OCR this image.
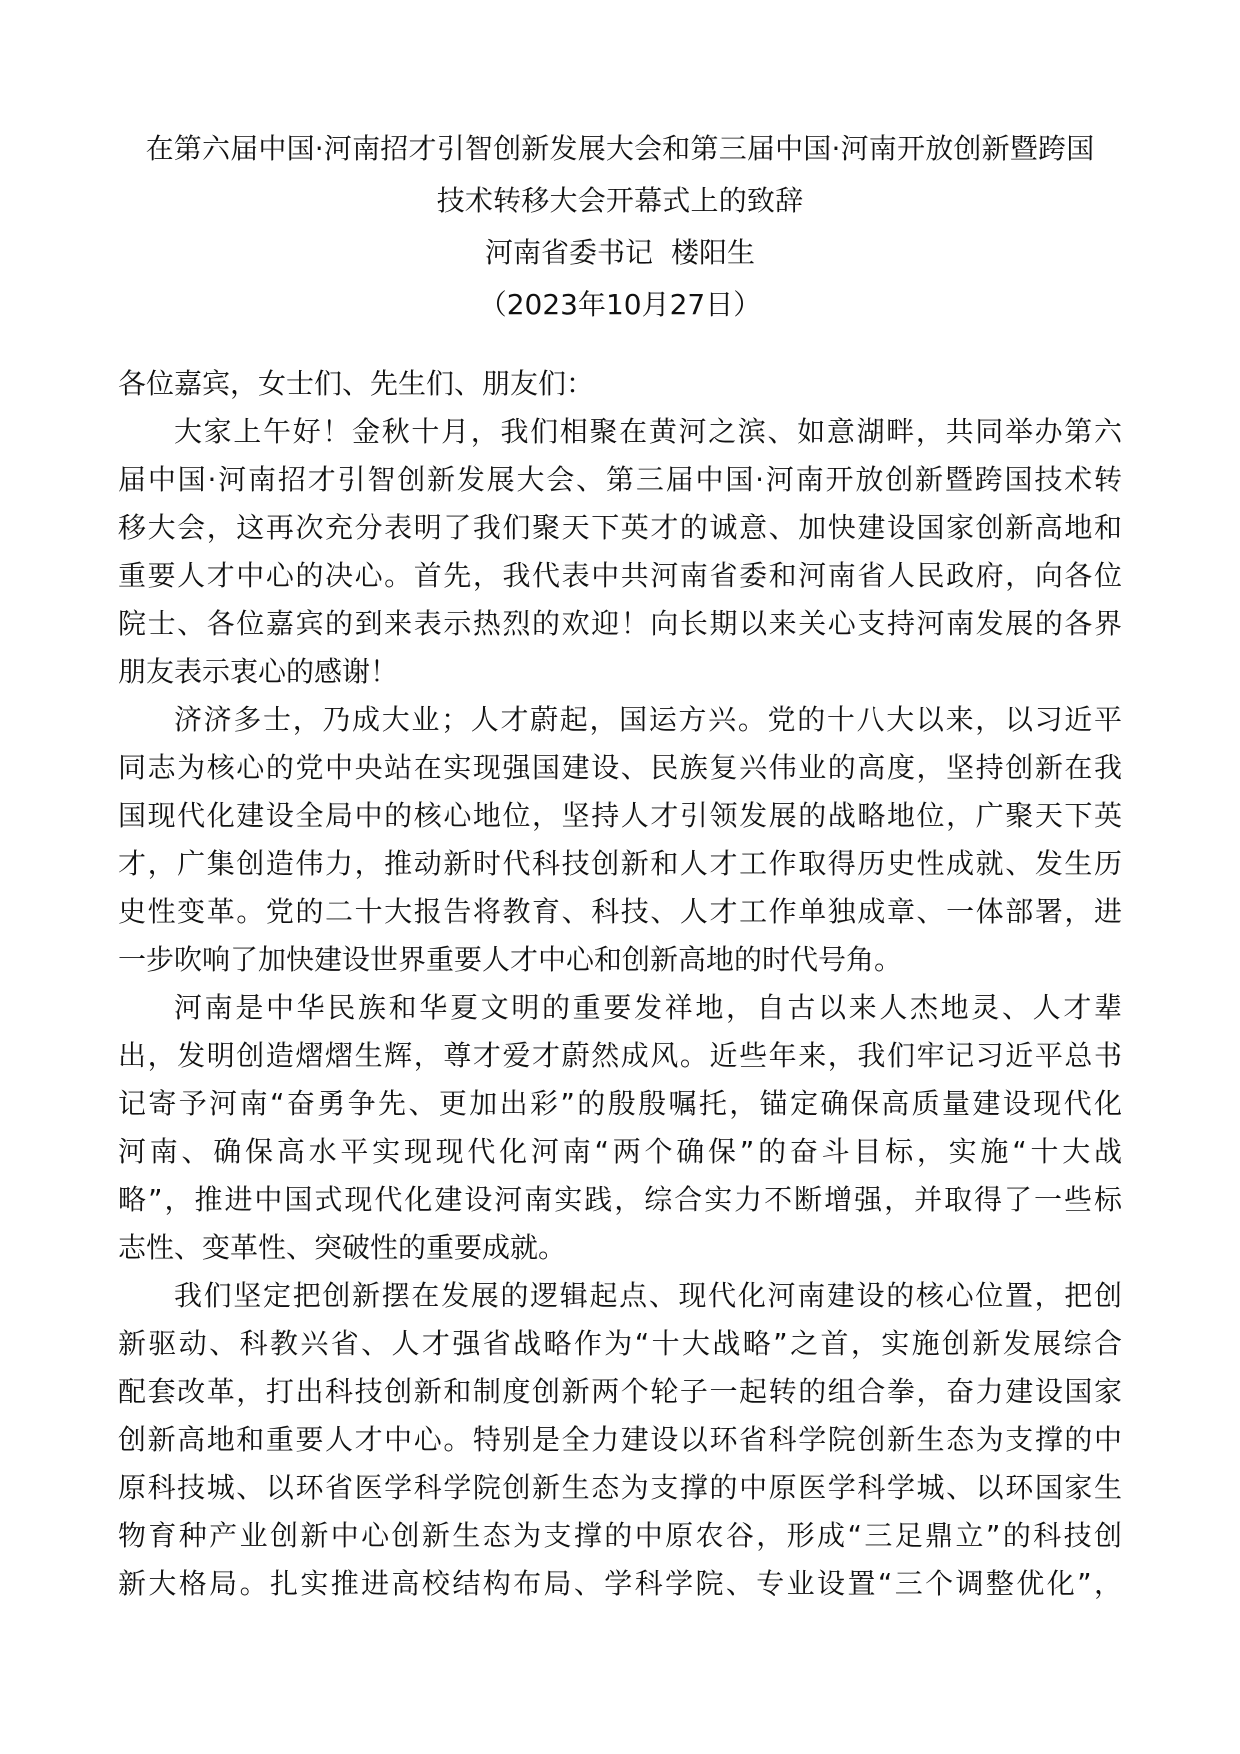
在第六届中国·河南招才引智创新发展大会和第三届中国·河南开放创新暨跨国
技术转移大会开幕式上的致辞
河南省委书记 楼阳生
（2023年10月27日）

各位嘉宾，女士们、先生们、朋友们：

大家上午好！金秋十月，我们相聚在黄河之滨、如意湖畔，共同举办第六
届中国·河南招才引智创新发展大会、第三届中国·河南开放创新暨跨国技术转
移大会，这再次充分表明了我们聚天下英才的诚意、加快建设国家创新高地和
重要人才中心的决心。首先，我代表中共河南省委和河南省人民政府，向各位
院士、各位嘉宾的到来表示热烈的欢迎！向长期以来关心支持河南发展的各界
朋友表示衷心的感谢！
济济多士，乃成大业；人才蔚起，国运方兴。党的十八大以来，以习近平
同志为核心的党中央站在实现强国建设、民族复兴伟业的高度，坚持创新在我
国现代化建设全局中的核心地位，坚持人才引领发展的战略地位，广聚天下英
才，广集创造伟力，推动新时代科技创新和人才工作取得历史性成就、发生历
史性变革。党的二十大报告将教育、科技、人才工作单独成章、一体部署，进
一步吹响了加快建设世界重要人才中心和创新高地的时代号角。
河南是中华民族和华夏文明的重要发祥地，自古以来人杰地灵、人才辈
出，发明创造熠熠生辉，尊才爱才蔚然成风。近些年来，我们牢记习近平总书
记寄予河南“奋勇争先、更加出彩”的殷殷嘱托，锚定确保高质量建设现代化
河南、确保高水平实现现代化河南“两个确保”的奋斗目标，实施“十大战
略”，推进中国式现代化建设河南实践，综合实力不断增强，并取得了一些标
志性、变革性、突破性的重要成就。
我们坚定把创新摆在发展的逻辑起点、现代化河南建设的核心位置，把创
新驱动、科教兴省、人才强省战略作为“十大战略”之首，实施创新发展综合
配套改革，打出科技创新和制度创新两个轮子一起转的组合拳，奋力建设国家
创新高地和重要人才中心。特别是全力建设以环省科学院创新生态为支撑的中
原科技城、以环省医学科学院创新生态为支撑的中原医学科学城、以环国家生
物育种产业创新中心创新生态为支撑的中原农谷，形成“三足鼎立”的科技创
新大格局。扎实推进高校结构布局、学科学院、专业设置“三个调整优化”，
